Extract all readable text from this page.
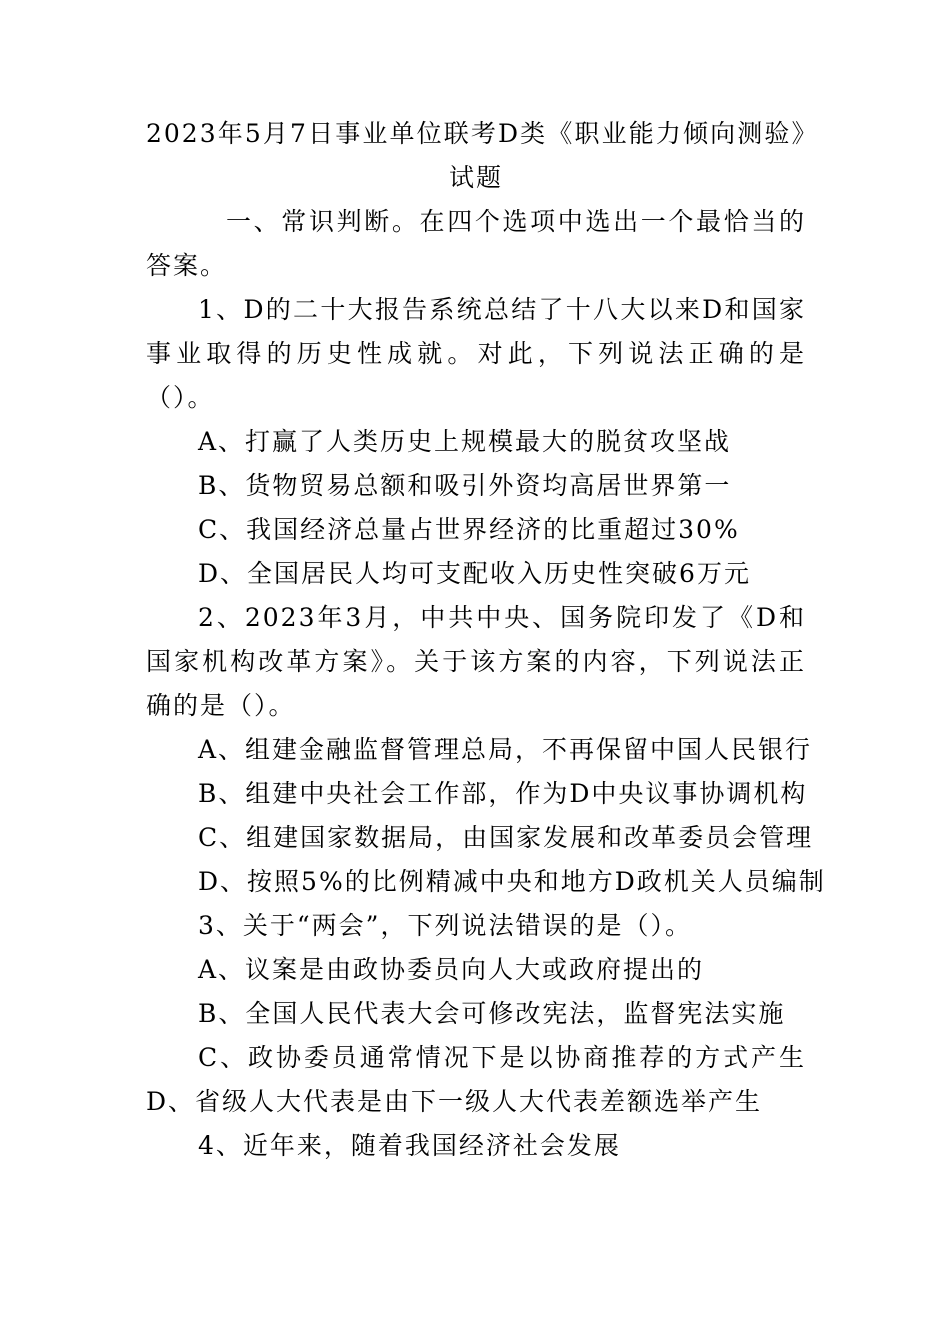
2023年5月7日事业单位联考D类《职业能力倾向测验》试题

一、常识判断。在四个选项中选出一个最恰当的答案。

1、D的二十大报告系统总结了十八大以来D和国家事业取得的历史性成就。对此，下列说法正确的是（）。

A、打赢了人类历史上规模最大的脱贫攻坚战

B、货物贸易总额和吸引外资均高居世界第一

C、我国经济总量占世界经济的比重超过30%

D、全国居民人均可支配收入历史性突破6万元

2、2023年3月，中共中央、国务院印发了《D和国家机构改革方案》。关于该方案的内容，下列说法正确的是（）。

A、组建金融监督管理总局，不再保留中国人民银行

B、组建中央社会工作部，作为D中央议事协调机构

C、组建国家数据局，由国家发展和改革委员会管理

D、按照5%的比例精减中央和地方D政机关人员编制

3、关于“两会”，下列说法错误的是（）。

A、议案是由政协委员向人大或政府提出的

B、全国人民代表大会可修改宪法，监督宪法实施

C、政协委员通常情况下是以协商推荐的方式产生D、省级人大代表是由下一级人大代表差额选举产生

4、近年来，随着我国经济社会发展
